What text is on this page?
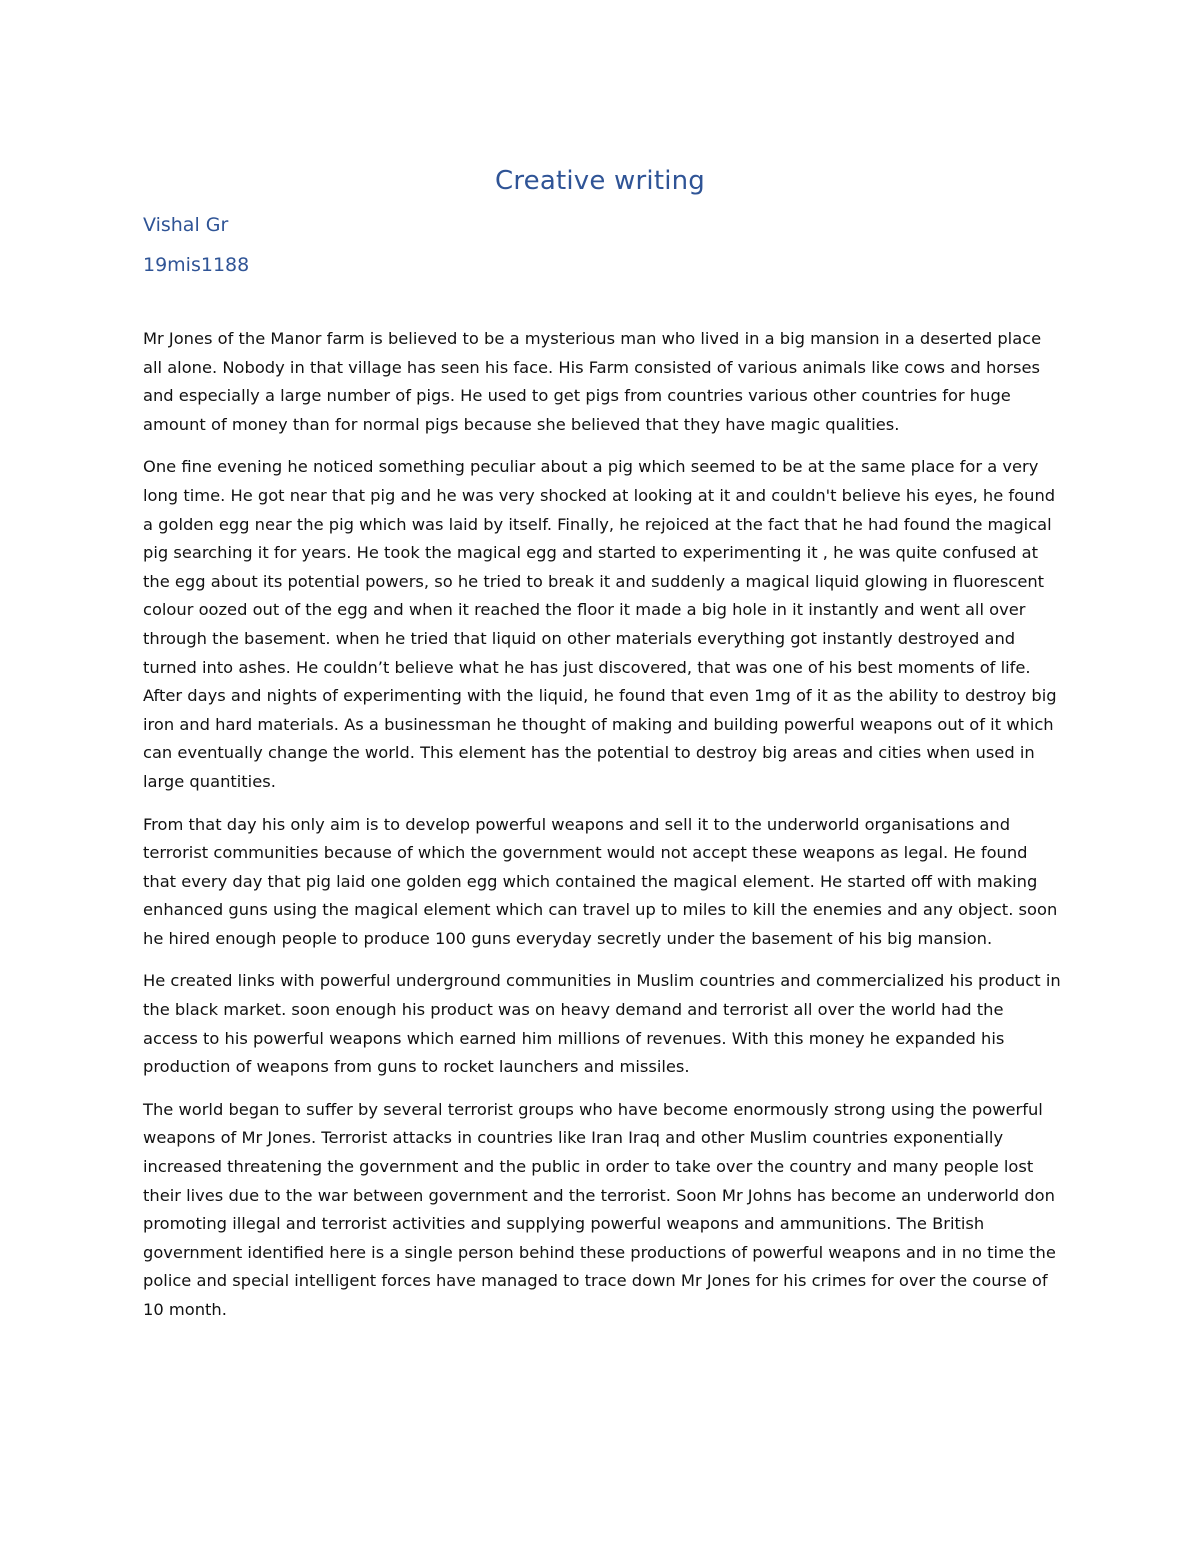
Creative writing
Vishal Gr
19mis1188

Mr Jones of the Manor farm is believed to be a mysterious man who lived in a big mansion in a deserted place all alone. Nobody in that village has seen his face. His Farm consisted of various animals like cows and horses and especially a large number of pigs. He used to get pigs from countries various other countries for huge amount of money than for normal pigs because she believed that they have magic qualities.

One fine evening he noticed something peculiar about a pig which seemed to be at the same place for a very long time. He got near that pig and he was very shocked at looking at it and couldn't believe his eyes, he found a golden egg near the pig which was laid by itself. Finally, he rejoiced at the fact that he had found the magical pig searching it for years. He took the magical egg and started to experimenting it , he was quite confused at the egg about its potential powers, so he tried to break it and suddenly a magical liquid glowing in fluorescent colour oozed out of the egg and when it reached the floor it made a big hole in it instantly and went all over through the basement. when he tried that liquid on other materials everything got instantly destroyed and turned into ashes. He couldn’t believe what he has just discovered, that was one of his best moments of life. After days and nights of experimenting with the liquid, he found that even 1mg of it as the ability to destroy big iron and hard materials. As a businessman he thought of making and building powerful weapons out of it which can eventually change the world. This element has the potential to destroy big areas and cities when used in large quantities.

From that day his only aim is to develop powerful weapons and sell it to the underworld organisations and terrorist communities because of which the government would not accept these weapons as legal. He found that every day that pig laid one golden egg which contained the magical element. He started off with making enhanced guns using the magical element which can travel up to miles to kill the enemies and any object. soon he hired enough people to produce 100 guns everyday secretly under the basement of his big mansion.

He created links with powerful underground communities in Muslim countries and commercialized his product in the black market. soon enough his product was on heavy demand and terrorist all over the world had the access to his powerful weapons which earned him millions of revenues. With this money he expanded his production of weapons from guns to rocket launchers and missiles.

The world began to suffer by several terrorist groups who have become enormously strong using the powerful weapons of Mr Jones. Terrorist attacks in countries like Iran Iraq and other Muslim countries exponentially increased threatening the government and the public in order to take over the country and many people lost their lives due to the war between government and the terrorist. Soon Mr Johns has become an underworld don promoting illegal and terrorist activities and supplying powerful weapons and ammunitions. The British government identified here is a single person behind these productions of powerful weapons and in no time the police and special intelligent forces have managed to trace down Mr Jones for his crimes for over the course of 10 month.
